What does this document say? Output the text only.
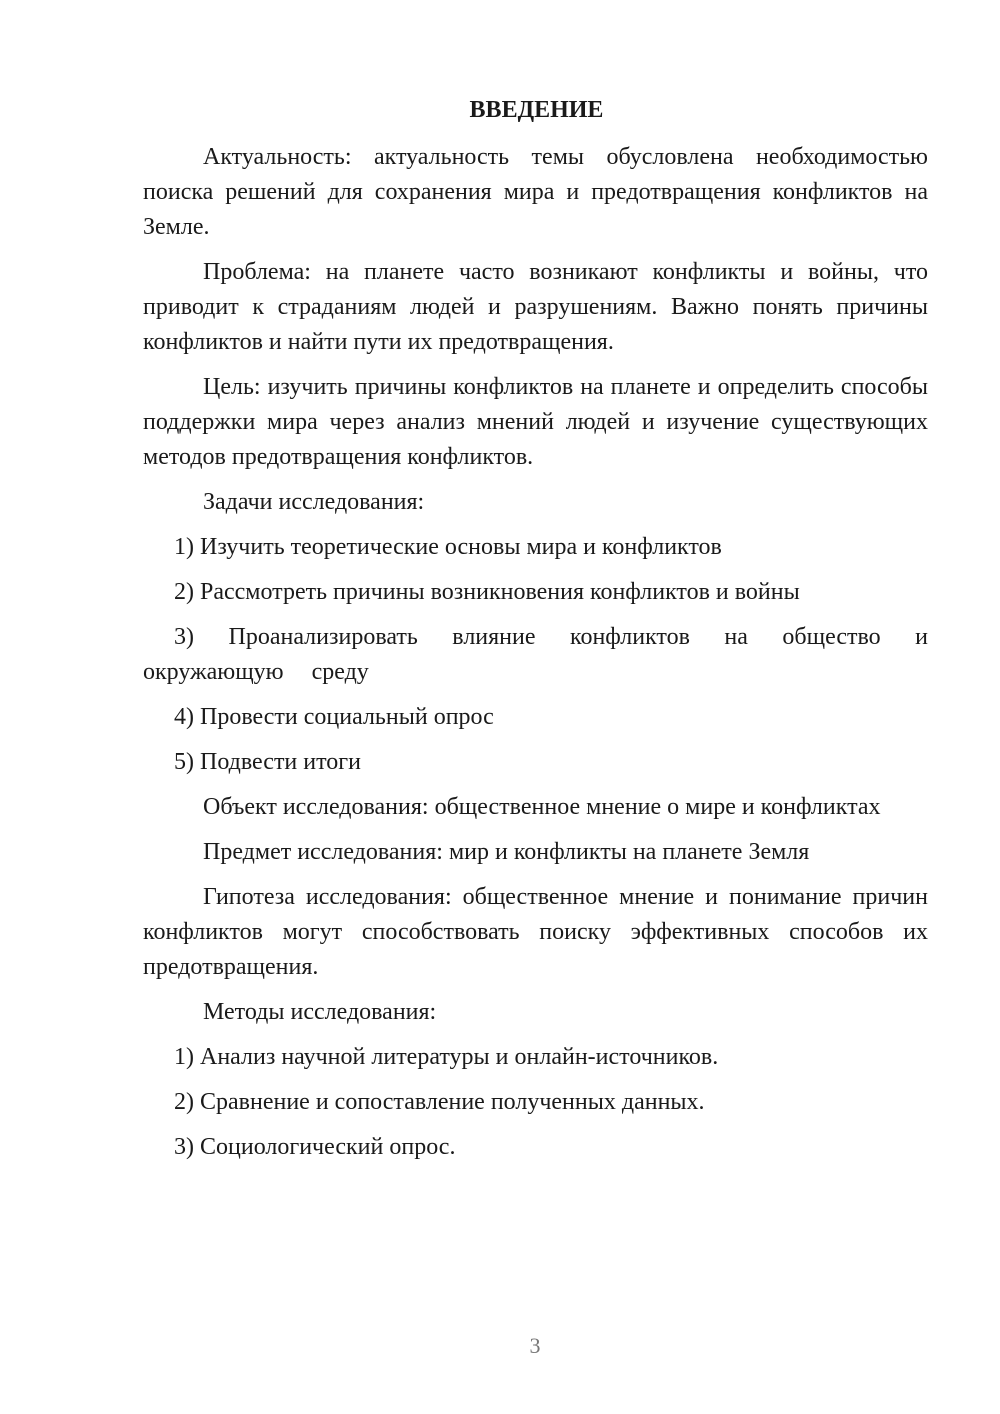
ВВЕДЕНИЕ

Актуальность: актуальность темы обусловлена необходимостью поиска решений для сохранения мира и предотвращения конфликтов на Земле.

Проблема: на планете часто возникают конфликты и войны, что приводит к страданиям людей и разрушениям. Важно понять причины конфликтов и найти пути их предотвращения.

Цель: изучить причины конфликтов на планете и определить способы поддержки мира через анализ мнений людей и изучение существующих методов предотвращения конфликтов.

Задачи исследования:

1) Изучить теоретические основы мира и конфликтов

2) Рассмотреть причины возникновения конфликтов и войны

3) Проанализировать влияние конфликтов на общество и окружающую среду

4) Провести социальный опрос

5) Подвести итоги

Объект исследования: общественное мнение о мире и конфликтах

Предмет исследования: мир и конфликты на планете Земля

Гипотеза исследования: общественное мнение и понимание причин конфликтов могут способствовать поиску эффективных способов их предотвращения.

Методы исследования:

1) Анализ научной литературы и онлайн-источников.

2) Сравнение и сопоставление полученных данных.

3) Социологический опрос.

3
